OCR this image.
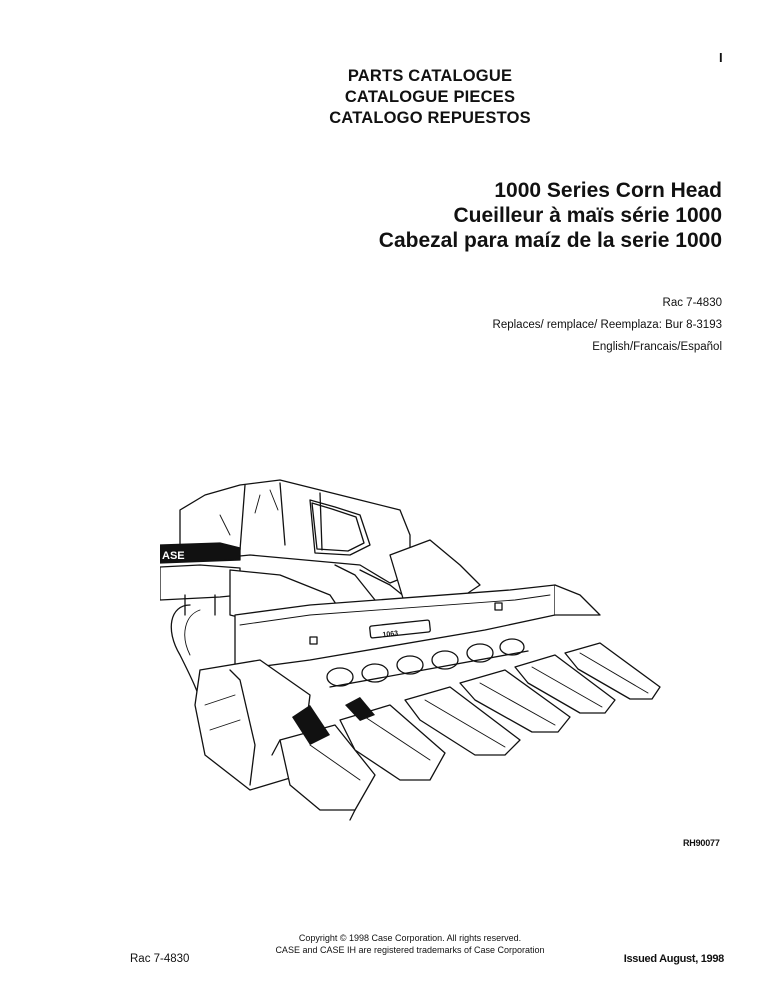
I
PARTS CATALOGUE
CATALOGUE PIECES
CATALOGO REPUESTOS
1000 Series Corn Head
Cueilleur à maïs série 1000
Cabezal para maíz de la serie 1000
Rac 7-4830
Replaces/ remplace/ Reemplaza: Bur 8-3193
English/Francais/Español
ASE
1063
RH90077
Copyright © 1998 Case Corporation. All rights reserved.
CASE and CASE IH are registered trademarks of Case Corporation
Rac 7-4830	Issued August, 1998
